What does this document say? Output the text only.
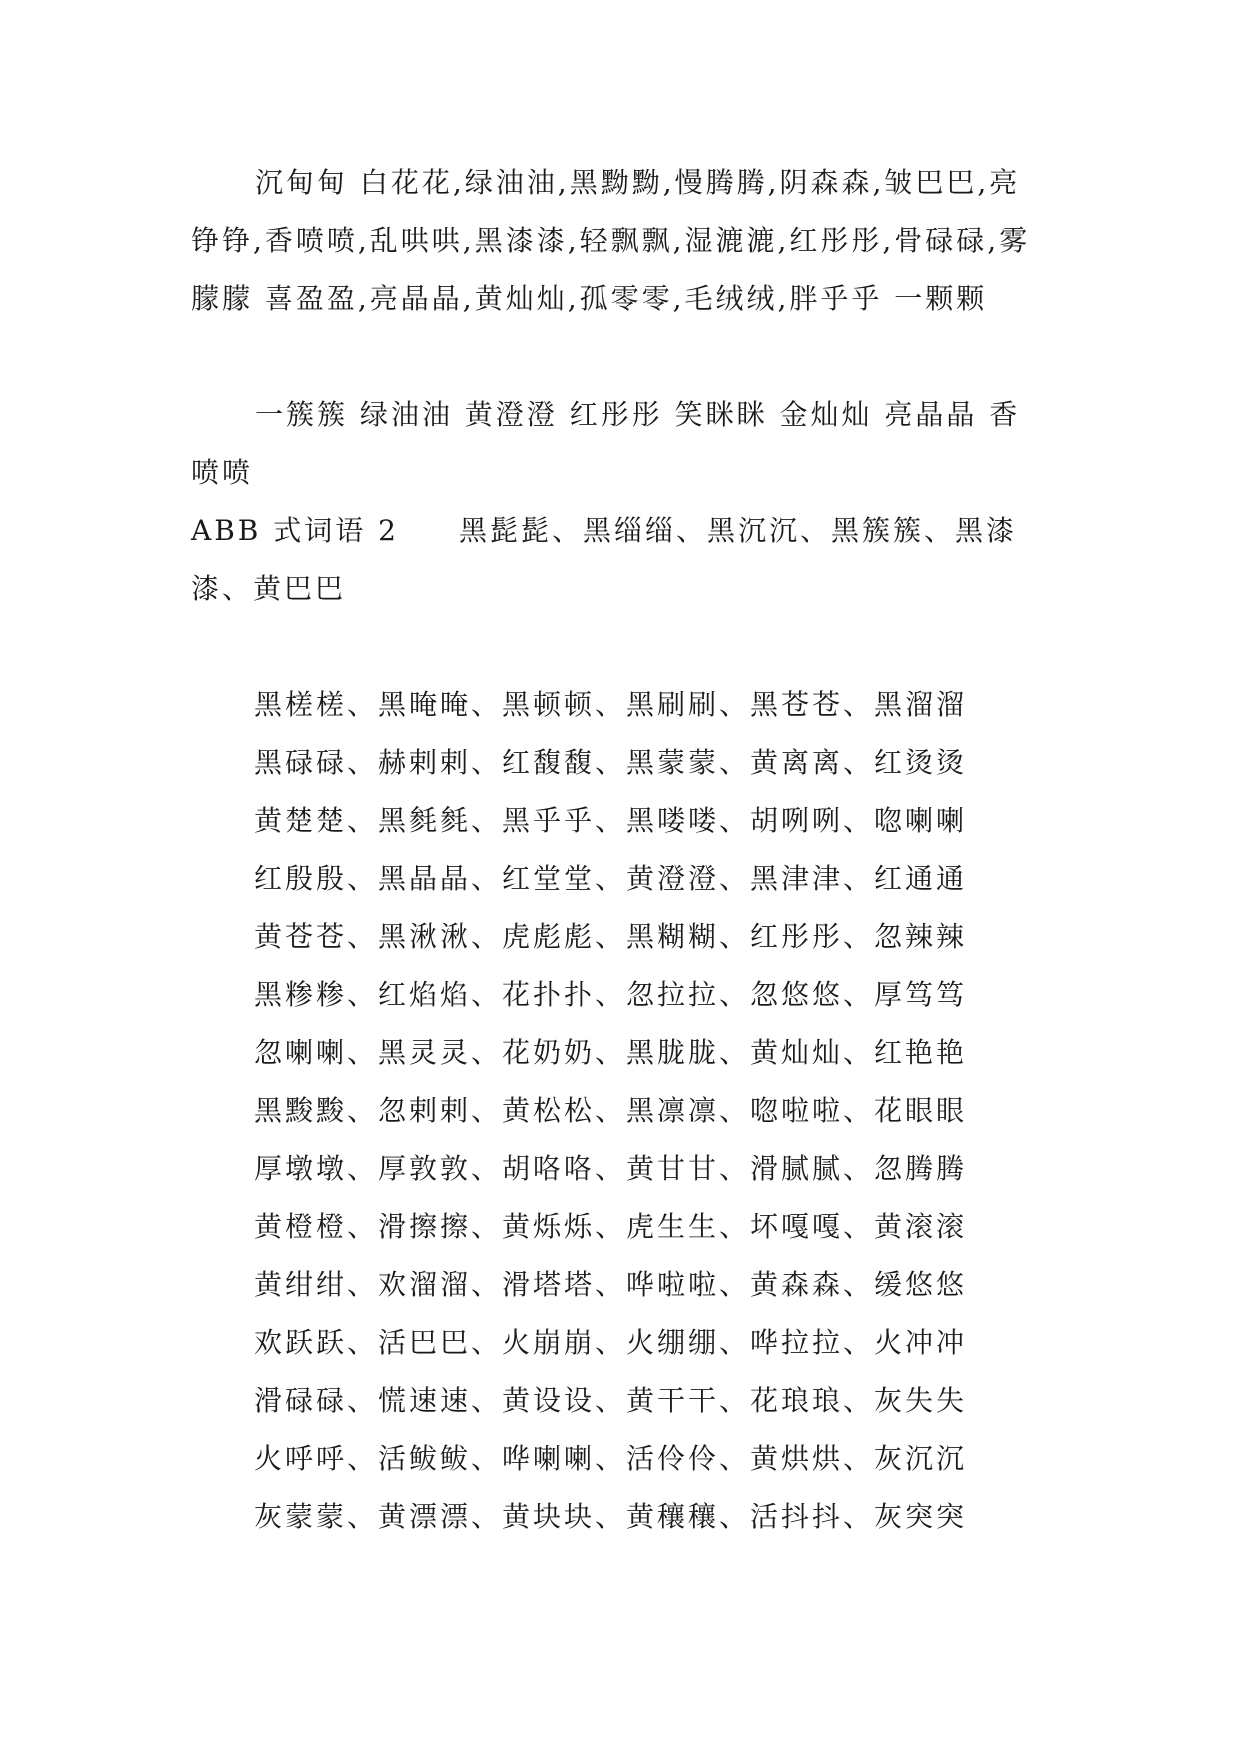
沉甸甸 白花花,绿油油,黑黝黝,慢腾腾,阴森森,皱巴巴,亮铮铮,香喷喷,乱哄哄,黑漆漆,轻飘飘,湿漉漉,红彤彤,骨碌碌,雾朦朦 喜盈盈,亮晶晶,黄灿灿,孤零零,毛绒绒,胖乎乎 一颗颗

一簇簇 绿油油 黄澄澄 红彤彤 笑眯眯 金灿灿 亮晶晶 香喷喷

ABB 式词语 2 黑髭髭、黑缁缁、黑沉沉、黑簇簇、黑漆漆、黄巴巴

黑槎槎、黑晻晻、黑顿顿、黑刷刷、黑苍苍、黑溜溜
黑碌碌、赫剌剌、红馥馥、黑蒙蒙、黄离离、红烫烫
黄楚楚、黑毵毵、黑乎乎、黑喽喽、胡咧咧、唿喇喇
红殷殷、黑晶晶、红堂堂、黄澄澄、黑津津、红通通
黄苍苍、黑湫湫、虎彪彪、黑糊糊、红彤彤、忽辣辣
黑糁糁、红焰焰、花扑扑、忽拉拉、忽悠悠、厚笃笃
忽喇喇、黑灵灵、花奶奶、黑胧胧、黄灿灿、红艳艳
黑黢黢、忽剌剌、黄松松、黑凛凛、唿啦啦、花眼眼
厚墩墩、厚敦敦、胡咯咯、黄甘甘、滑腻腻、忽腾腾
黄橙橙、滑擦擦、黄烁烁、虎生生、坏嘎嘎、黄滚滚
黄绀绀、欢溜溜、滑塔塔、哗啦啦、黄森森、缓悠悠
欢跃跃、活巴巴、火崩崩、火绷绷、哗拉拉、火冲冲
滑碌碌、慌速速、黄设设、黄干干、花琅琅、灰失失
火呼呼、活鲅鲅、哗喇喇、活伶伶、黄烘烘、灰沉沉
灰蒙蒙、黄漂漂、黄块块、黄穰穰、活抖抖、灰突突
